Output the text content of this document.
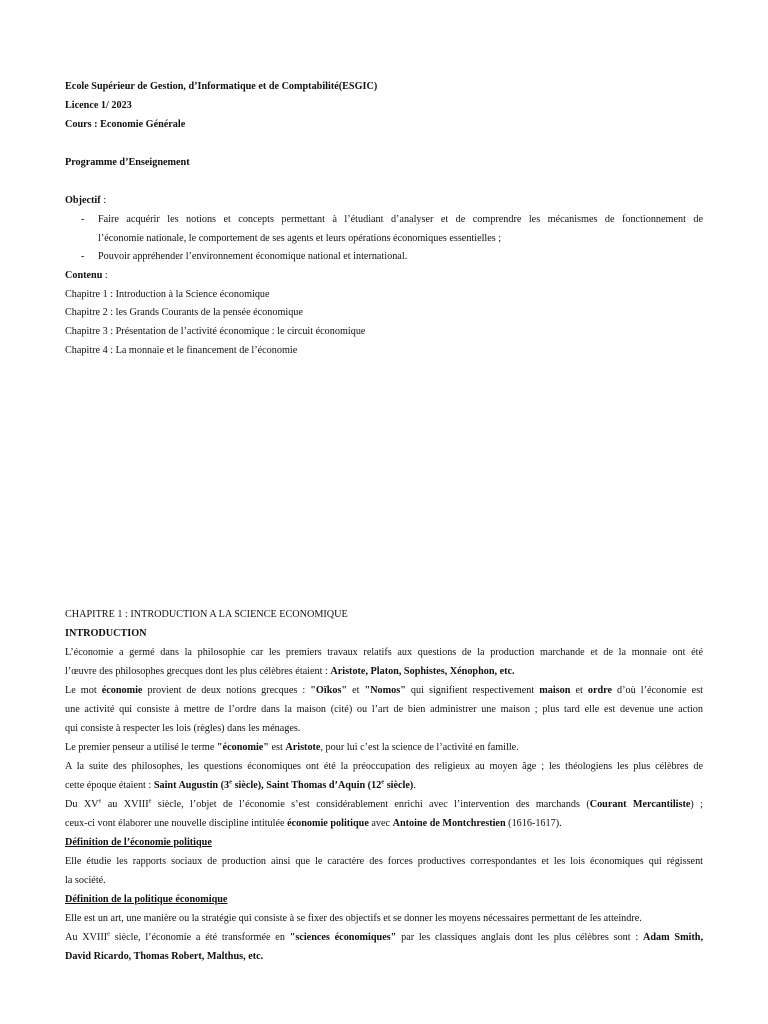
Ecole Supérieur de Gestion, d’Informatique et de Comptabilité(ESGIC)
Licence 1/ 2023
Cours : Economie Générale
Programme d’Enseignement
Objectif :
- Faire acquérir les notions et concepts permettant à l’étudiant d’analyser et de comprendre les mécanismes de fonctionnement de
l’économie nationale, le comportement de ses agents et leurs opérations économiques essentielles ;
- Pouvoir appréhender l’environnement économique national et international.
Contenu :
Chapitre 1 : Introduction à la Science économique
Chapitre 2 : les Grands Courants de la pensée économique
Chapitre 3 : Présentation de l’activité économique : le circuit économique
Chapitre 4 : La monnaie et le financement de l’économie
CHAPITRE 1 : INTRODUCTION A LA SCIENCE ECONOMIQUE
INTRODUCTION
L’économie a germé dans la philosophie car les premiers travaux relatifs aux questions de la production marchande et de la monnaie ont été
l’œuvre des philosophes grecques dont les plus célèbres étaient : Aristote, Platon, Sophistes, Xénophon, etc.
Le mot économie provient de deux notions grecques : "Oïkos" et "Nomos" qui signifient respectivement maison et ordre d’où l’économie est
une activité qui consiste à mettre de l’ordre dans la maison (cité) ou l’art de bien administrer une maison ; plus tard elle est devenue une action
qui consiste à respecter les lois (règles) dans les ménages.
Le premier penseur a utilisé le terme "économie" est Aristote, pour lui c’est la science de l’activité en famille.
A la suite des philosophes, les questions économiques ont été la préoccupation des religieux au moyen âge ; les théologiens les plus célèbres de
cette époque étaient : Saint Augustin (3e siècle), Saint Thomas d’Aquin (12e siècle).
Du XVe au XVIIIe siècle, l’objet de l’économie s’est considérablement enrichi avec l’intervention des marchands (Courant Mercantiliste) ;
ceux-ci vont élaborer une nouvelle discipline intitulée économie politique avec Antoine de Montchrestien (1616-1617).
Définition de l’économie politique
Elle étudie les rapports sociaux de production ainsi que le caractère des forces productives correspondantes et les lois économiques qui régissent
la société.
Définition de la politique économique
Elle est un art, une manière ou la stratégie qui consiste à se fixer des objectifs et se donner les moyens nécessaires permettant de les atteindre.
Au XVIIIe siècle, l’économie a été transformée en "sciences économiques" par les classiques anglais dont les plus célèbres sont : Adam Smith,
David Ricardo, Thomas Robert, Malthus, etc.
